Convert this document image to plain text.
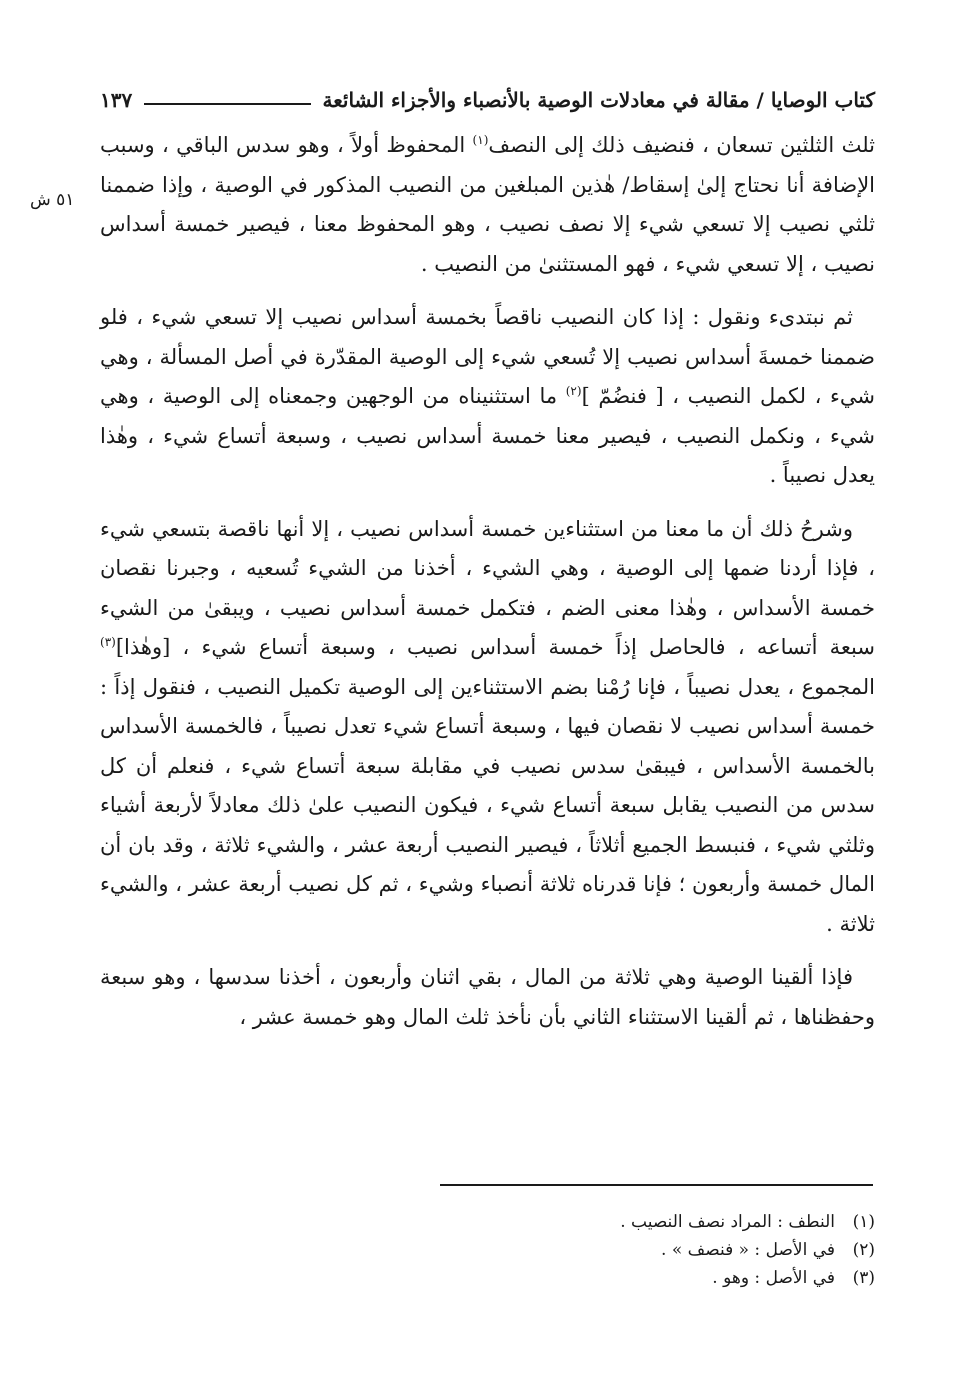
كتاب الوصايا / مقالة في معادلات الوصية بالأنصباء والأجزاء الشائعة
١٣٧
٥١ ش

ثلث الثلثين تسعان ، فنضيف ذلك إلى النصف$^{(١)}$ المحفوظ أولاً ، وهو سدس الباقي ، وسبب الإضافة أنا نحتاج إلىٰ إسقاط/ هٰذين المبلغين من النصيب المذكور في الوصية ، وإذا ضممنا ثلثي نصيب إلا تسعي شيء إلا نصف نصيب ، وهو المحفوظ معنا ، فيصير خمسة أسداس نصيب ، إلا تسعي شيء ، فهو المستثنىٰ من النصيب .

ثم نبتدىء ونقول : إذا كان النصيب ناقصاً بخمسة أسداس نصيب إلا تسعي شيء ، فلو ضممنا خمسةَ أسداس نصيب إلا تُسعي شيء إلى الوصية المقدّرة في أصل المسألة ، وهي شيء ، لكمل النصيب ، [ فنضُمّ ]$^{(٢)}$ ما استثنيناه من الوجهين وجمعناه إلى الوصية ، وهي شيء ، ونكمل النصيب ، فيصير معنا خمسة أسداس نصيب ، وسبعة أتساع شيء ، وهٰذا يعدل نصيباً .

وشرحُ ذلك أن ما معنا من استثناءين خمسة أسداس نصيب ، إلا أنها ناقصة بتسعي شيء ، فإذا أردنا ضمها إلى الوصية ، وهي الشيء ، أخذنا من الشيء تُسعيه ، وجبرنا نقصان خمسة الأسداس ، وهٰذا معنى الضم ، فتكمل خمسة أسداس نصيب ، ويبقىٰ من الشيء سبعة أتساعه ، فالحاصل إذاً خمسة أسداس نصيب ، وسبعة أتساع شيء ، [وهٰذا]$^{(٣)}$ المجموع ، يعدل نصيباً ، فإنا رُمْنا بضم الاستثناءين إلى الوصية تكميل النصيب ، فنقول إذاً : خمسة أسداس نصيب لا نقصان فيها ، وسبعة أتساع شيء تعدل نصيباً ، فالخمسة الأسداس بالخمسة الأسداس ، فيبقىٰ سدس نصيب في مقابلة سبعة أتساع شيء ، فنعلم أن كل سدس من النصيب يقابل سبعة أتساع شيء ، فيكون النصيب علىٰ ذلك معادلاً لأربعة أشياء وثلثي شيء ، فنبسط الجميع أثلاثاً ، فيصير النصيب أربعة عشر ، والشيء ثلاثة ، وقد بان أن المال خمسة وأربعون ؛ فإنا قدرناه ثلاثة أنصباء وشيء ، ثم كل نصيب أربعة عشر ، والشيء ثلاثة .

فإذا ألقينا الوصية وهي ثلاثة من المال ، بقي اثنان وأربعون ، أخذنا سدسها ، وهو سبعة وحفظناها ، ثم ألقينا الاستثناء الثاني بأن نأخذ ثلث المال وهو خمسة عشر ،

(١)
النطف : المراد نصف النصيب .
(٢)
في الأصل : « فنصف » .
(٣)
في الأصل : وهو .
